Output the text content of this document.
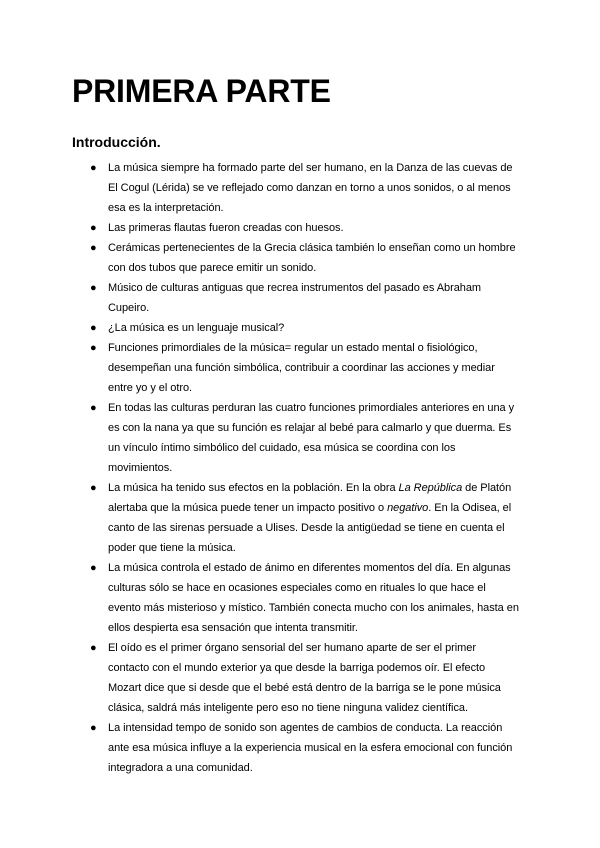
PRIMERA PARTE
Introducción.
●	La música siempre ha formado parte del ser humano, en la Danza de las cuevas de
El Cogul (Lérida) se ve reflejado como danzan en torno a unos sonidos, o al menos
esa es la interpretación.
●	Las primeras flautas fueron creadas con huesos.
●	Cerámicas pertenecientes de la Grecia clásica también lo enseñan como un hombre
con dos tubos que parece emitir un sonido.
●	Músico de culturas antiguas que recrea instrumentos del pasado es Abraham
Cupeiro.
●	¿La música es un lenguaje musical?
●	Funciones primordiales de la música= regular un estado mental o fisiológico,
desempeñan una función simbólica, contribuir a coordinar las acciones y mediar
entre yo y el otro.
●	En todas las culturas perduran las cuatro funciones primordiales anteriores en una y
es con la nana ya que su función es relajar al bebé para calmarlo y que duerma. Es
un vínculo íntimo simbólico del cuidado, esa música se coordina con los
movimientos.
●	La música ha tenido sus efectos en la población. En la obra La República de Platón
alertaba que la música puede tener un impacto positivo o negativo. En la Odisea, el
canto de las sirenas persuade a Ulises. Desde la antigüedad se tiene en cuenta el
poder que tiene la música.
●	La música controla el estado de ánimo en diferentes momentos del día. En algunas
culturas sólo se hace en ocasiones especiales como en rituales lo que hace el
evento más misterioso y místico. También conecta mucho con los animales, hasta en
ellos despierta esa sensación que intenta transmitir.
●	El oído es el primer órgano sensorial del ser humano aparte de ser el primer
contacto con el mundo exterior ya que desde la barriga podemos oír. El efecto
Mozart dice que si desde que el bebé está dentro de la barriga se le pone música
clásica, saldrá más inteligente pero eso no tiene ninguna validez científica.
●	La intensidad tempo de sonido son agentes de cambios de conducta. La reacción
ante esa música influye a la experiencia musical en la esfera emocional con función
integradora a una comunidad.
